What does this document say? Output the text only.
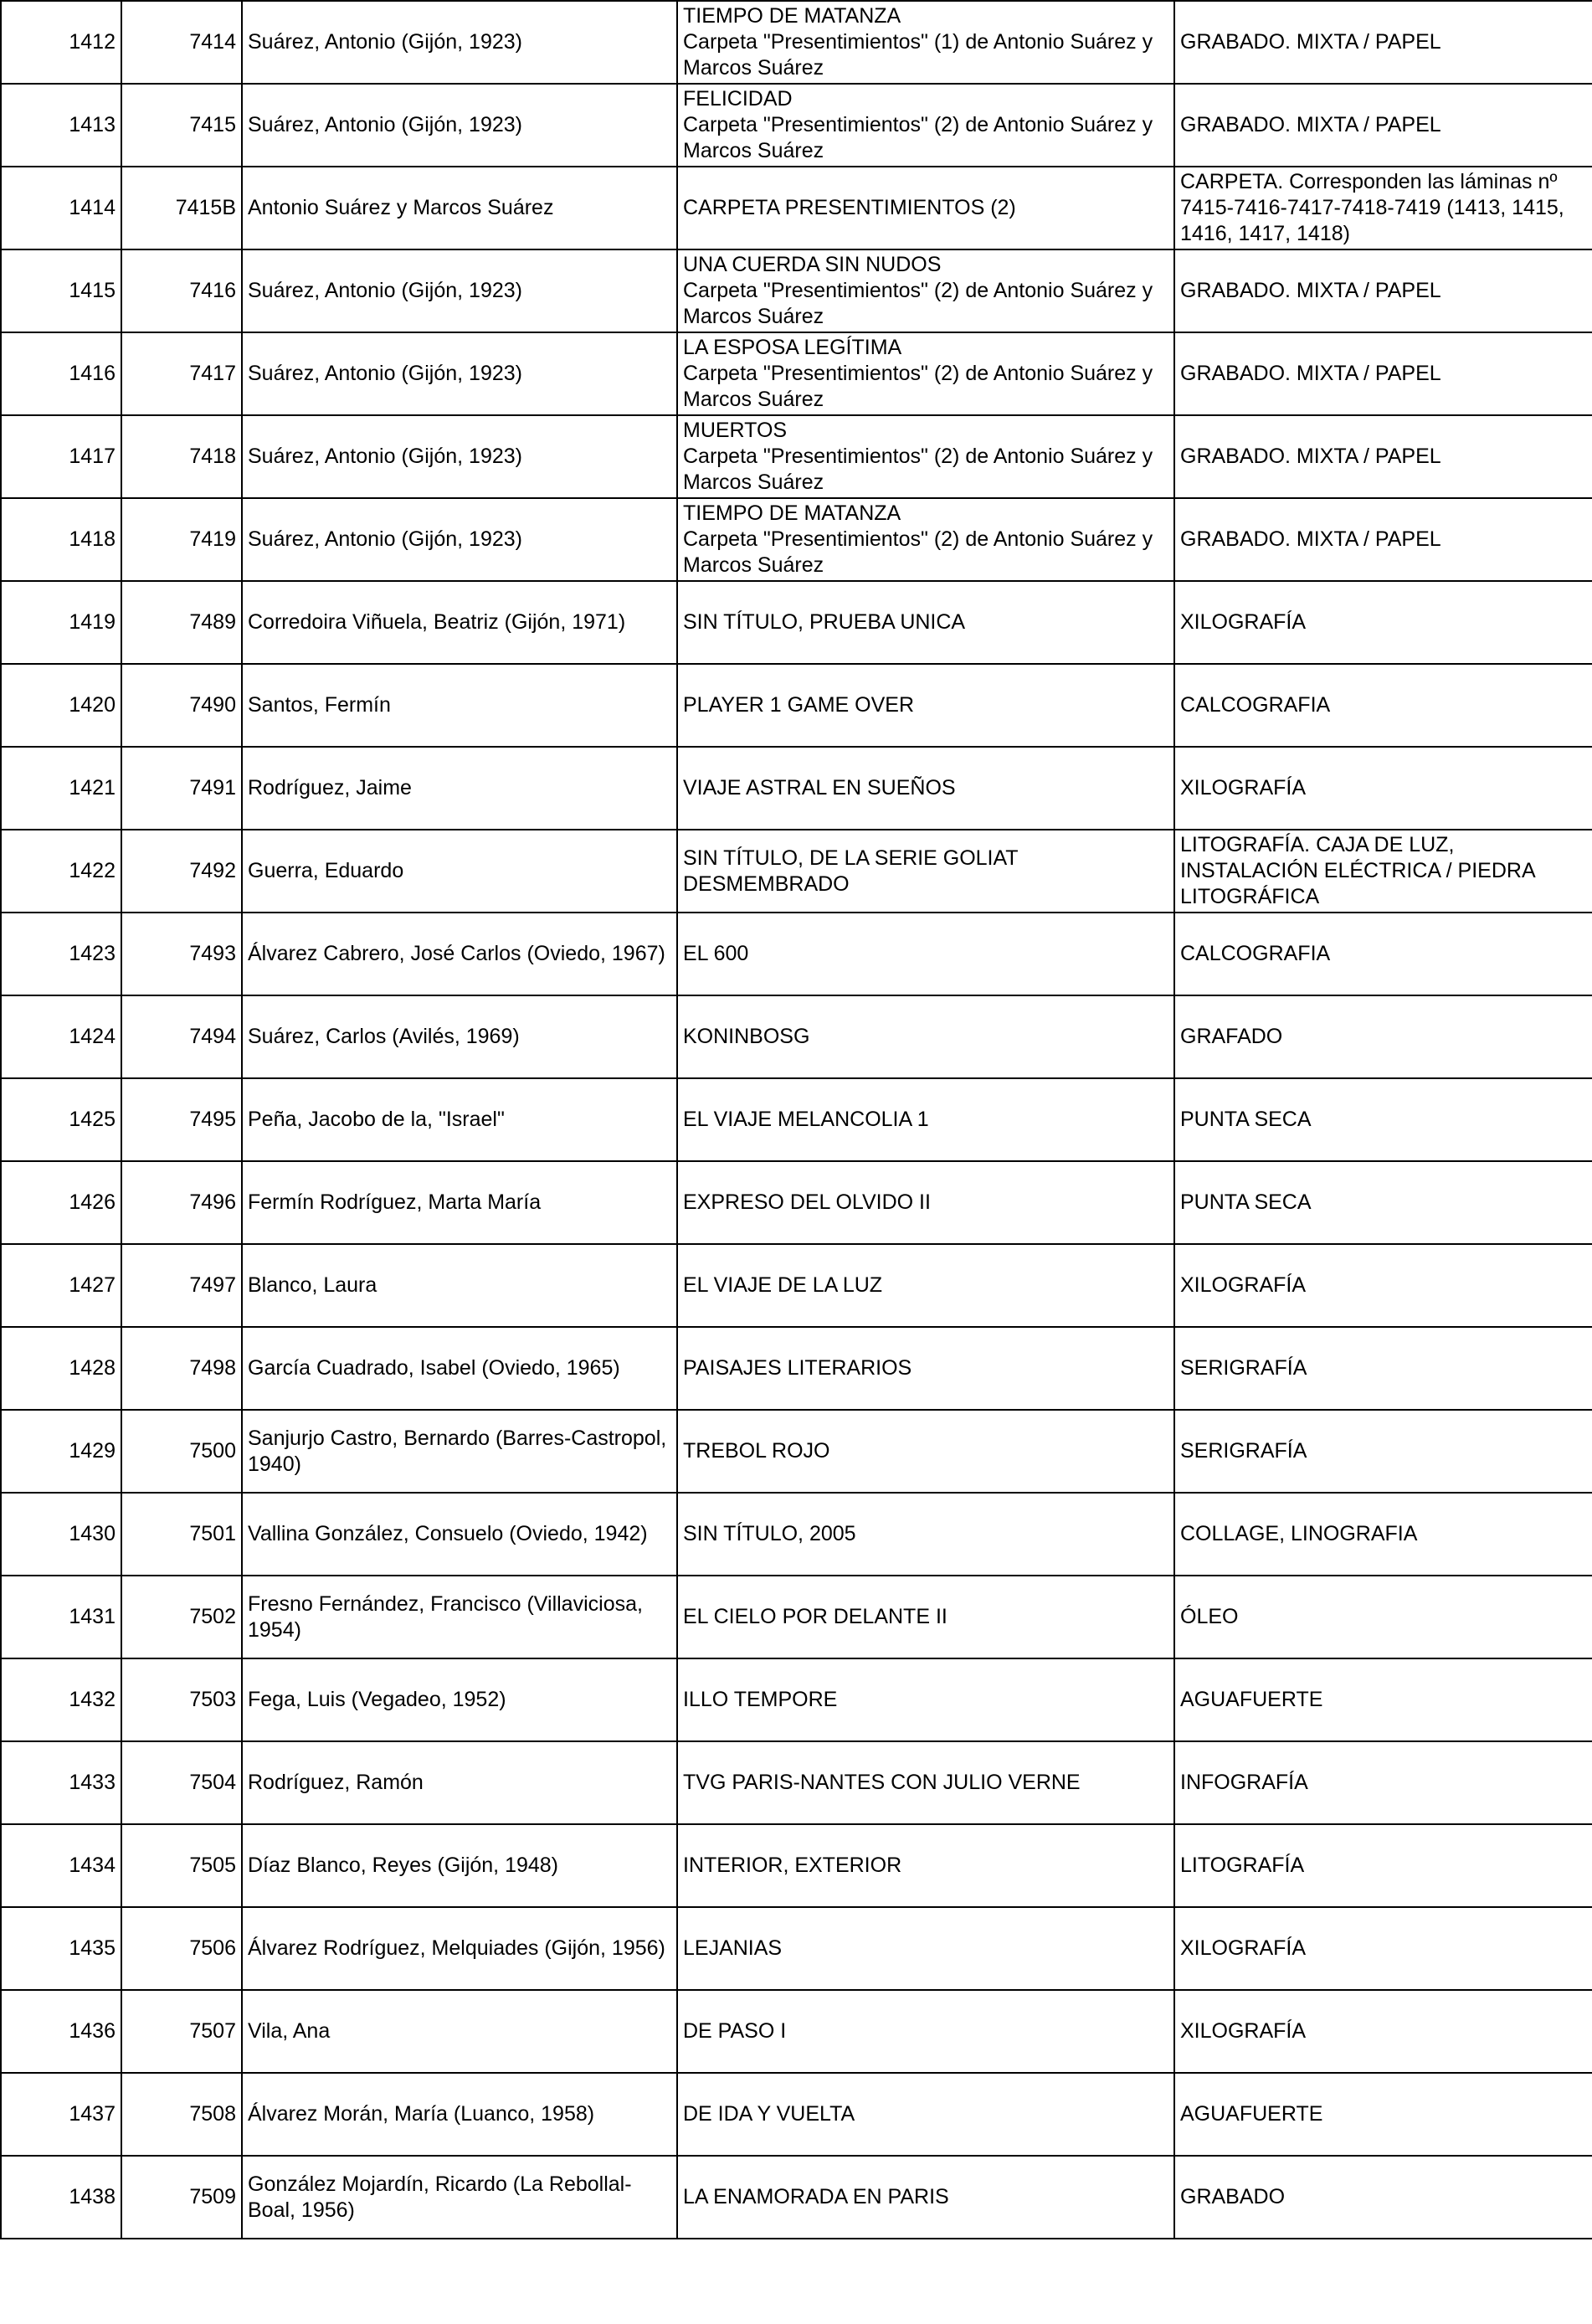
1412	7414	Suárez, Antonio (Gijón, 1923)	TIEMPO DE MATANZA
Carpeta "Presentimientos" (1) de Antonio Suárez y
Marcos Suárez	GRABADO. MIXTA / PAPEL

1413	7415	Suárez, Antonio (Gijón, 1923)	FELICIDAD
Carpeta "Presentimientos" (2) de Antonio Suárez y
Marcos Suárez	GRABADO. MIXTA / PAPEL

1414	7415B	Antonio Suárez y Marcos Suárez	CARPETA PRESENTIMIENTOS (2)	CARPETA. Corresponden las láminas nº
7415-7416-7417-7418-7419 (1413, 1415,
1416, 1417, 1418)

1415	7416	Suárez, Antonio (Gijón, 1923)	UNA CUERDA SIN NUDOS
Carpeta "Presentimientos" (2) de Antonio Suárez y
Marcos Suárez	GRABADO. MIXTA / PAPEL

1416	7417	Suárez, Antonio (Gijón, 1923)	LA ESPOSA LEGÍTIMA
Carpeta "Presentimientos" (2) de Antonio Suárez y
Marcos Suárez	GRABADO. MIXTA / PAPEL

1417	7418	Suárez, Antonio (Gijón, 1923)	MUERTOS
Carpeta "Presentimientos" (2) de Antonio Suárez y
Marcos Suárez	GRABADO. MIXTA / PAPEL

1418	7419	Suárez, Antonio (Gijón, 1923)	TIEMPO DE MATANZA
Carpeta "Presentimientos" (2) de Antonio Suárez y
Marcos Suárez	GRABADO. MIXTA / PAPEL

1419	7489	Corredoira Viñuela, Beatriz (Gijón, 1971)	SIN TÍTULO, PRUEBA UNICA	XILOGRAFÍA

1420	7490	Santos, Fermín	PLAYER 1 GAME OVER	CALCOGRAFIA

1421	7491	Rodríguez, Jaime	VIAJE ASTRAL EN SUEÑOS	XILOGRAFÍA

1422	7492	Guerra, Eduardo	SIN TÍTULO, DE LA SERIE GOLIAT
DESMEMBRADO	LITOGRAFÍA. CAJA DE LUZ,
INSTALACIÓN ELÉCTRICA / PIEDRA
LITOGRÁFICA

1423	7493	Álvarez Cabrero, José Carlos (Oviedo, 1967)	EL 600	CALCOGRAFIA

1424	7494	Suárez, Carlos (Avilés, 1969)	KONINBOSG	GRAFADO

1425	7495	Peña, Jacobo de la, "Israel"	EL VIAJE MELANCOLIA 1	PUNTA SECA

1426	7496	Fermín Rodríguez, Marta María	EXPRESO DEL OLVIDO II	PUNTA SECA

1427	7497	Blanco, Laura	EL VIAJE DE LA LUZ	XILOGRAFÍA

1428	7498	García Cuadrado, Isabel (Oviedo, 1965)	PAISAJES LITERARIOS	SERIGRAFÍA

1429	7500	Sanjurjo Castro, Bernardo (Barres-Castropol, 1940)	TREBOL ROJO	SERIGRAFÍA

1430	7501	Vallina González, Consuelo (Oviedo, 1942)	SIN TÍTULO, 2005	COLLAGE, LINOGRAFIA

1431	7502	Fresno Fernández, Francisco (Villaviciosa, 1954)	EL CIELO POR DELANTE II	ÓLEO

1432	7503	Fega, Luis (Vegadeo, 1952)	ILLO TEMPORE	AGUAFUERTE

1433	7504	Rodríguez, Ramón	TVG PARIS-NANTES CON JULIO VERNE	INFOGRAFÍA

1434	7505	Díaz Blanco, Reyes (Gijón, 1948)	INTERIOR, EXTERIOR	LITOGRAFÍA

1435	7506	Álvarez Rodríguez, Melquiades (Gijón, 1956)	LEJANIAS	XILOGRAFÍA

1436	7507	Vila, Ana	DE PASO I	XILOGRAFÍA

1437	7508	Álvarez Morán, María (Luanco, 1958)	DE IDA Y VUELTA	AGUAFUERTE

1438	7509	González Mojardín, Ricardo (La Rebollal-Boal, 1956)	LA ENAMORADA EN PARIS	GRABADO
